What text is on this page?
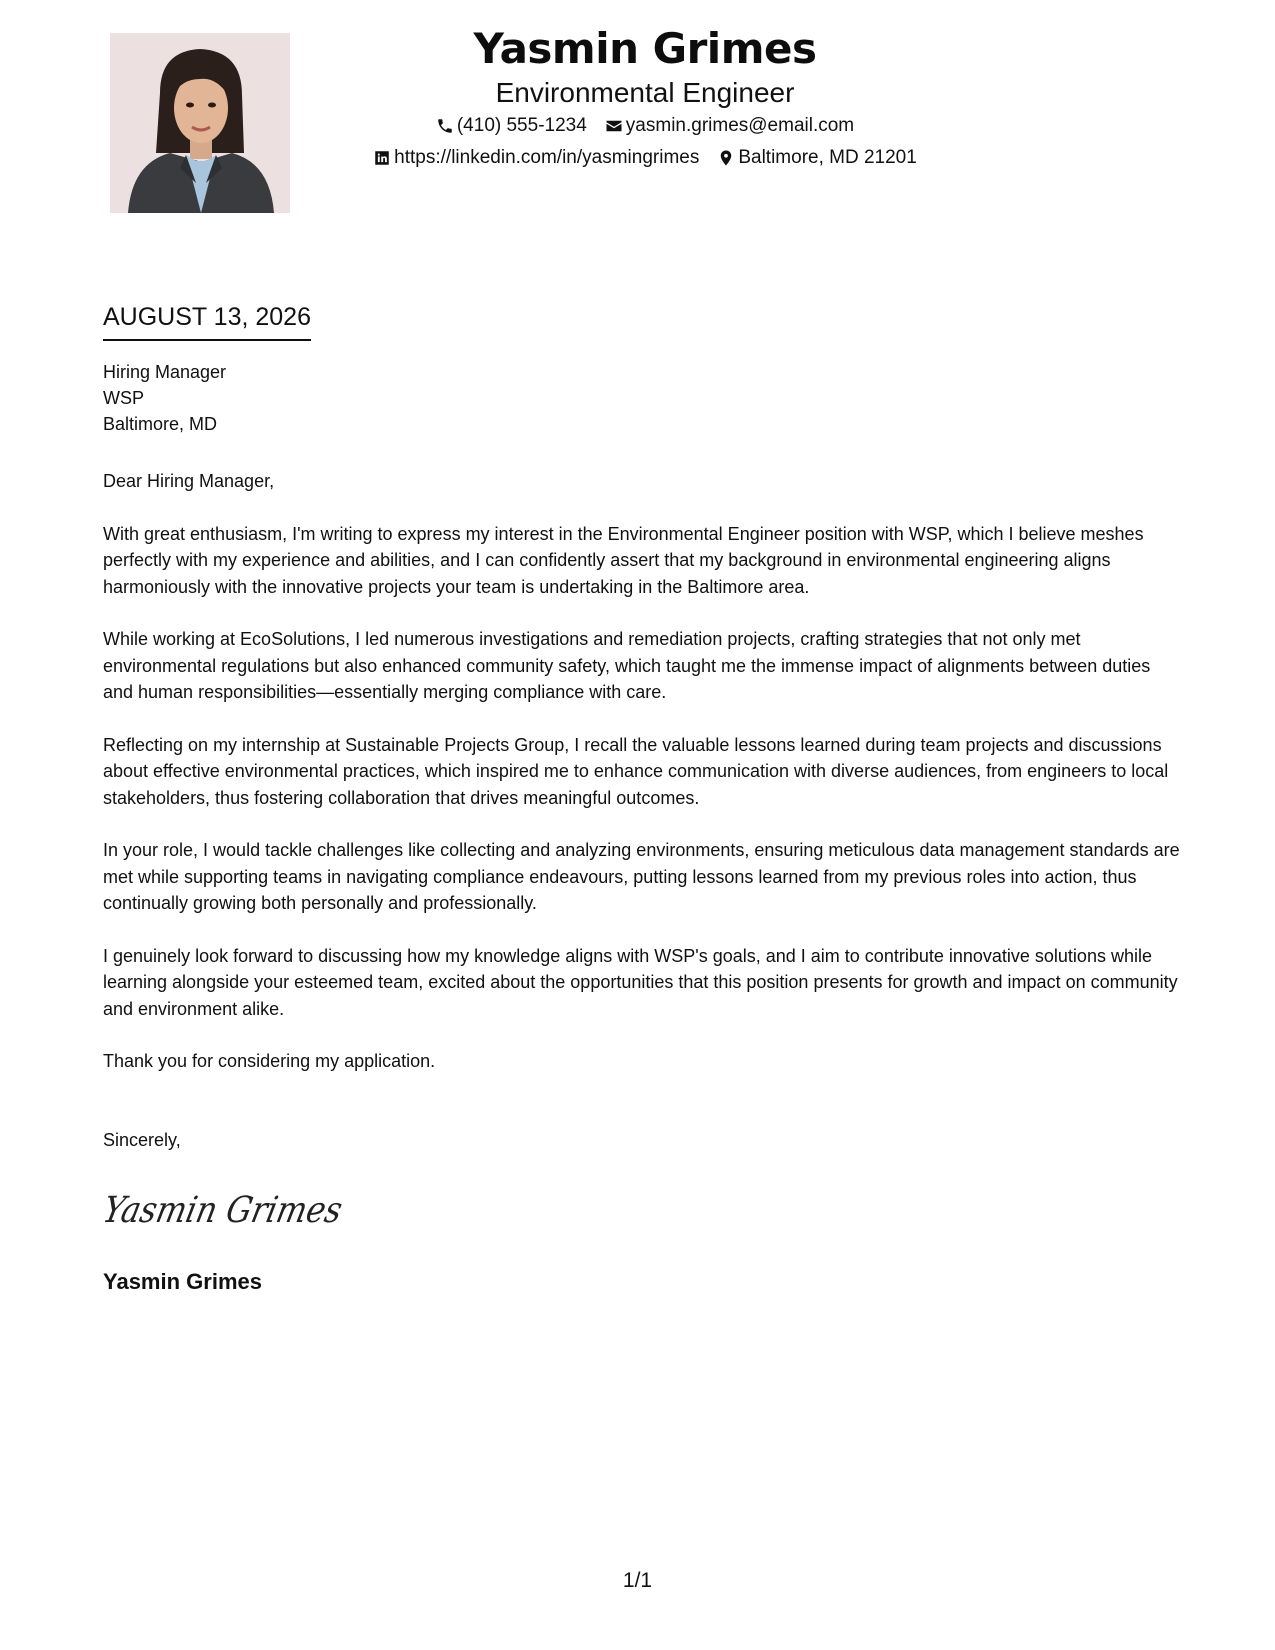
Yasmin Grimes
Environmental Engineer
(410) 555-1234 yasmin.grimes@email.com
https://linkedin.com/in/yasmingrimes Baltimore, MD 21201
AUGUST 13, 2026
Hiring Manager
WSP
Baltimore, MD

Dear Hiring Manager,

With great enthusiasm, I'm writing to express my interest in the Environmental Engineer position with WSP, which I believe meshes perfectly with my experience and abilities, and I can confidently assert that my background in environmental engineering aligns harmoniously with the innovative projects your team is undertaking in the Baltimore area.

While working at EcoSolutions, I led numerous investigations and remediation projects, crafting strategies that not only met environmental regulations but also enhanced community safety, which taught me the immense impact of alignments between duties and human responsibilities—essentially merging compliance with care.

Reflecting on my internship at Sustainable Projects Group, I recall the valuable lessons learned during team projects and discussions about effective environmental practices, which inspired me to enhance communication with diverse audiences, from engineers to local stakeholders, thus fostering collaboration that drives meaningful outcomes.

In your role, I would tackle challenges like collecting and analyzing environments, ensuring meticulous data management standards are met while supporting teams in navigating compliance endeavours, putting lessons learned from my previous roles into action, thus continually growing both personally and professionally.

I genuinely look forward to discussing how my knowledge aligns with WSP's goals, and I aim to contribute innovative solutions while learning alongside your esteemed team, excited about the opportunities that this position presents for growth and impact on community and environment alike.

Thank you for considering my application.

Sincerely,
Yasmin Grimes
Yasmin Grimes
1/1
